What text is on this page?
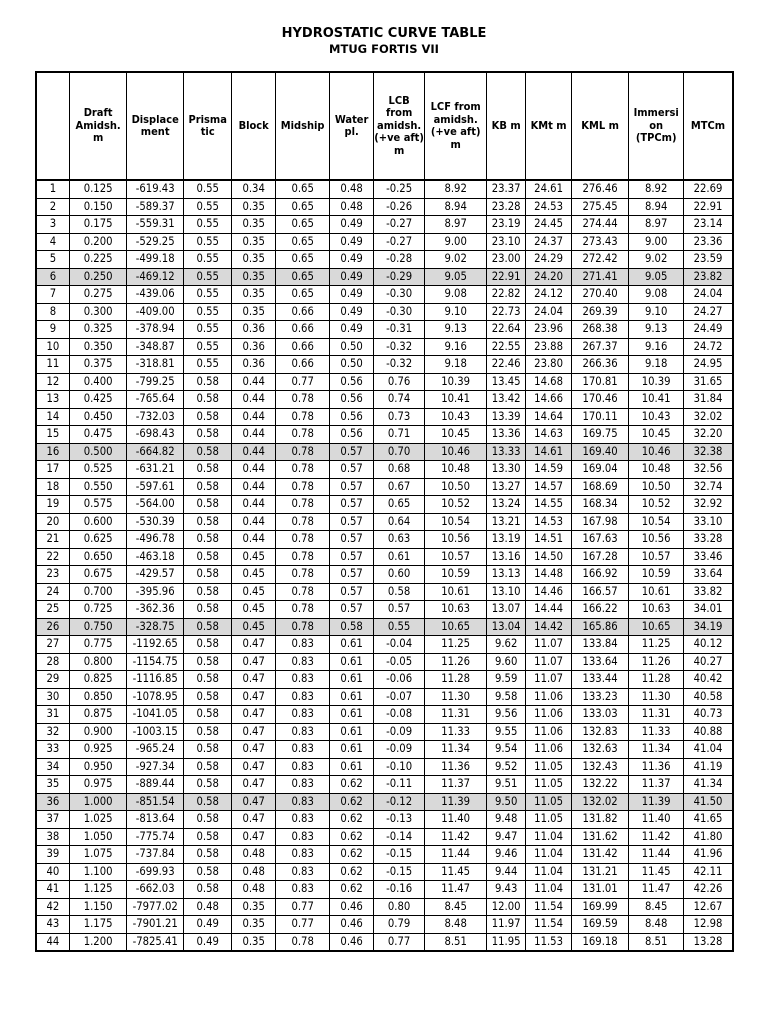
HYDROSTATIC CURVE TABLE
MTUG FORTIS VII
	Draft Amidsh. m	Displace ment	Prisma tic	Block	Midship	Water pl.	LCB from amidsh. (+ve aft) m	LCF from amidsh. (+ve aft) m	KB m	KMt m	KML m	Immersi on (TPCm)	MTCm
1	0.125	-619.43	0.55	0.34	0.65	0.48	-0.25	8.92	23.37	24.61	276.46	8.92	22.69
2	0.150	-589.37	0.55	0.35	0.65	0.48	-0.26	8.94	23.28	24.53	275.45	8.94	22.91
3	0.175	-559.31	0.55	0.35	0.65	0.49	-0.27	8.97	23.19	24.45	274.44	8.97	23.14
4	0.200	-529.25	0.55	0.35	0.65	0.49	-0.27	9.00	23.10	24.37	273.43	9.00	23.36
5	0.225	-499.18	0.55	0.35	0.65	0.49	-0.28	9.02	23.00	24.29	272.42	9.02	23.59
6	0.250	-469.12	0.55	0.35	0.65	0.49	-0.29	9.05	22.91	24.20	271.41	9.05	23.82
7	0.275	-439.06	0.55	0.35	0.65	0.49	-0.30	9.08	22.82	24.12	270.40	9.08	24.04
8	0.300	-409.00	0.55	0.35	0.66	0.49	-0.30	9.10	22.73	24.04	269.39	9.10	24.27
9	0.325	-378.94	0.55	0.36	0.66	0.49	-0.31	9.13	22.64	23.96	268.38	9.13	24.49
10	0.350	-348.87	0.55	0.36	0.66	0.50	-0.32	9.16	22.55	23.88	267.37	9.16	24.72
11	0.375	-318.81	0.55	0.36	0.66	0.50	-0.32	9.18	22.46	23.80	266.36	9.18	24.95
12	0.400	-799.25	0.58	0.44	0.77	0.56	0.76	10.39	13.45	14.68	170.81	10.39	31.65
13	0.425	-765.64	0.58	0.44	0.78	0.56	0.74	10.41	13.42	14.66	170.46	10.41	31.84
14	0.450	-732.03	0.58	0.44	0.78	0.56	0.73	10.43	13.39	14.64	170.11	10.43	32.02
15	0.475	-698.43	0.58	0.44	0.78	0.56	0.71	10.45	13.36	14.63	169.75	10.45	32.20
16	0.500	-664.82	0.58	0.44	0.78	0.57	0.70	10.46	13.33	14.61	169.40	10.46	32.38
17	0.525	-631.21	0.58	0.44	0.78	0.57	0.68	10.48	13.30	14.59	169.04	10.48	32.56
18	0.550	-597.61	0.58	0.44	0.78	0.57	0.67	10.50	13.27	14.57	168.69	10.50	32.74
19	0.575	-564.00	0.58	0.44	0.78	0.57	0.65	10.52	13.24	14.55	168.34	10.52	32.92
20	0.600	-530.39	0.58	0.44	0.78	0.57	0.64	10.54	13.21	14.53	167.98	10.54	33.10
21	0.625	-496.78	0.58	0.44	0.78	0.57	0.63	10.56	13.19	14.51	167.63	10.56	33.28
22	0.650	-463.18	0.58	0.45	0.78	0.57	0.61	10.57	13.16	14.50	167.28	10.57	33.46
23	0.675	-429.57	0.58	0.45	0.78	0.57	0.60	10.59	13.13	14.48	166.92	10.59	33.64
24	0.700	-395.96	0.58	0.45	0.78	0.57	0.58	10.61	13.10	14.46	166.57	10.61	33.82
25	0.725	-362.36	0.58	0.45	0.78	0.57	0.57	10.63	13.07	14.44	166.22	10.63	34.01
26	0.750	-328.75	0.58	0.45	0.78	0.58	0.55	10.65	13.04	14.42	165.86	10.65	34.19
27	0.775	-1192.65	0.58	0.47	0.83	0.61	-0.04	11.25	9.62	11.07	133.84	11.25	40.12
28	0.800	-1154.75	0.58	0.47	0.83	0.61	-0.05	11.26	9.60	11.07	133.64	11.26	40.27
29	0.825	-1116.85	0.58	0.47	0.83	0.61	-0.06	11.28	9.59	11.07	133.44	11.28	40.42
30	0.850	-1078.95	0.58	0.47	0.83	0.61	-0.07	11.30	9.58	11.06	133.23	11.30	40.58
31	0.875	-1041.05	0.58	0.47	0.83	0.61	-0.08	11.31	9.56	11.06	133.03	11.31	40.73
32	0.900	-1003.15	0.58	0.47	0.83	0.61	-0.09	11.33	9.55	11.06	132.83	11.33	40.88
33	0.925	-965.24	0.58	0.47	0.83	0.61	-0.09	11.34	9.54	11.06	132.63	11.34	41.04
34	0.950	-927.34	0.58	0.47	0.83	0.61	-0.10	11.36	9.52	11.05	132.43	11.36	41.19
35	0.975	-889.44	0.58	0.47	0.83	0.62	-0.11	11.37	9.51	11.05	132.22	11.37	41.34
36	1.000	-851.54	0.58	0.47	0.83	0.62	-0.12	11.39	9.50	11.05	132.02	11.39	41.50
37	1.025	-813.64	0.58	0.47	0.83	0.62	-0.13	11.40	9.48	11.05	131.82	11.40	41.65
38	1.050	-775.74	0.58	0.47	0.83	0.62	-0.14	11.42	9.47	11.04	131.62	11.42	41.80
39	1.075	-737.84	0.58	0.48	0.83	0.62	-0.15	11.44	9.46	11.04	131.42	11.44	41.96
40	1.100	-699.93	0.58	0.48	0.83	0.62	-0.15	11.45	9.44	11.04	131.21	11.45	42.11
41	1.125	-662.03	0.58	0.48	0.83	0.62	-0.16	11.47	9.43	11.04	131.01	11.47	42.26
42	1.150	-7977.02	0.48	0.35	0.77	0.46	0.80	8.45	12.00	11.54	169.99	8.45	12.67
43	1.175	-7901.21	0.49	0.35	0.77	0.46	0.79	8.48	11.97	11.54	169.59	8.48	12.98
44	1.200	-7825.41	0.49	0.35	0.78	0.46	0.77	8.51	11.95	11.53	169.18	8.51	13.28
